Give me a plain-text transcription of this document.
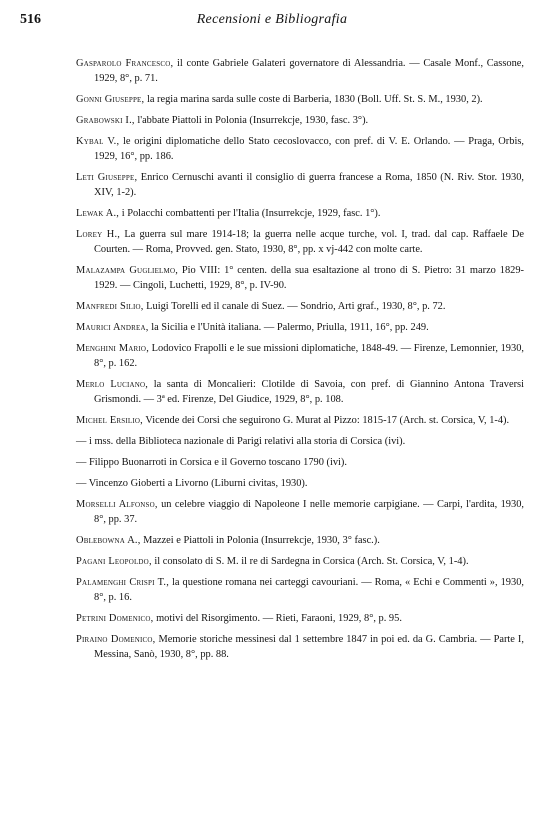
516	Recensioni e Bibliografia
Gasparolo Francesco, il conte Gabriele Galateri governatore di Alessandria. — Casale Monf., Cassone, 1929, 8°, p. 71.
Gonni Giuseppe, la regia marina sarda sulle coste di Barberia, 1830 (Boll. Uff. St. S. M., 1930, 2).
Grabowski I., l'abbate Piattoli in Polonia (Insurrekcje, 1930, fasc. 3°).
Kybal V., le origini diplomatiche dello Stato cecoslovacco, con pref. di V. E. Orlando. — Praga, Orbis, 1929, 16°, pp. 186.
Leti Giuseppe, Enrico Cernuschi avanti il consiglio di guerra francese a Roma, 1850 (N. Riv. Stor. 1930, XIV, 1-2).
Lewak A., i Polacchi combattenti per l'Italia (Insurrekcje, 1929, fasc. 1°).
Lorey H., La guerra sul mare 1914-18; la guerra nelle acque turche, vol. I, trad. dal cap. Raffaele De Courten. — Roma, Provved. gen. Stato, 1930, 8°, pp. x vj-442 con molte carte.
Malazampa Guglielmo, Pio VIII: 1° centen. della sua esaltazione al trono di S. Pietro: 31 marzo 1829-1929. — Cingoli, Luchetti, 1929, 8°, p. IV-90.
Manfredi Silio, Luigi Torelli ed il canale di Suez. — Sondrio, Arti graf., 1930, 8°, p. 72.
Maurici Andrea, la Sicilia e l'Unità italiana. — Palermo, Priulla, 1911, 16°, pp. 249.
Menghini Mario, Lodovico Frapolli e le sue missioni diplomatiche, 1848-49. — Firenze, Lemonnier, 1930, 8°, p. 162.
Merlo Luciano, la santa di Moncalieri: Clotilde di Savoia, con pref. di Giannino Antona Traversi Grismondi. — 3ª ed. Firenze, Del Giudice, 1929, 8°, p. 108.
Michel Ersilio, Vicende dei Corsi che seguirono G. Murat al Pizzo: 1815-17 (Arch. st. Corsica, V, 1-4).
— i mss. della Biblioteca nazionale di Parigi relativi alla storia di Corsica (ivi).
— Filippo Buonarroti in Corsica e il Governo toscano 1790 (ivi).
— Vincenzo Gioberti a Livorno (Liburni civitas, 1930).
Morselli Alfonso, un celebre viaggio di Napoleone I nelle memorie carpigiane. — Carpi, l'ardita, 1930, 8°, pp. 37.
Oblebowna A., Mazzei e Piattoli in Polonia (Insurrekcje, 1930, 3° fasc.).
Pagani Leopoldo, il consolato di S. M. il re di Sardegna in Corsica (Arch. St. Corsica, V, 1-4).
Palamenghi Crispi T., la questione romana nei carteggi cavouriani. — Roma, « Echi e Commenti », 1930, 8°, p. 16.
Petrini Domenico, motivi del Risorgimento. — Rieti, Faraoni, 1929, 8°, p. 95.
Piraino Domenico, Memorie storiche messinesi dal 1 settembre 1847 in poi ed. da G. Cambria. — Parte I, Messina, Sanò, 1930, 8°, pp. 88.
